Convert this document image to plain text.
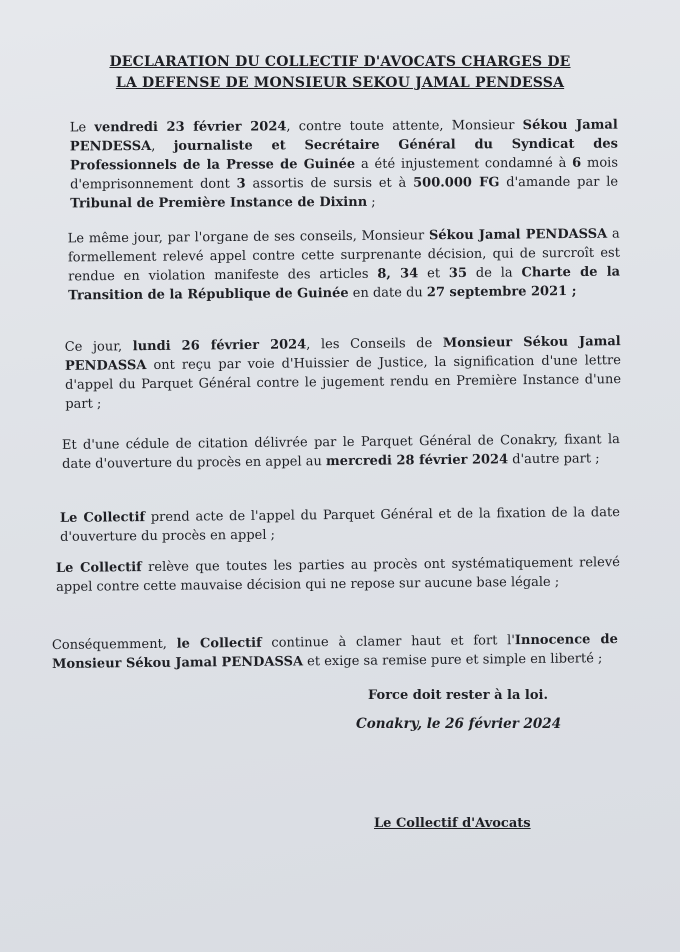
DECLARATION DU COLLECTIF D'AVOCATS CHARGES DE
LA DEFENSE DE MONSIEUR SEKOU JAMAL PENDESSA

Le vendredi 23 février 2024, contre toute attente, Monsieur Sékou Jamal PENDESSA, journaliste et Secrétaire Général du Syndicat des Professionnels de la Presse de Guinée a été injustement condamné à 6 mois d'emprisonnement dont 3 assortis de sursis et à 500.000 FG d'amande par le Tribunal de Première Instance de Dixinn ;

Le même jour, par l'organe de ses conseils, Monsieur Sékou Jamal PENDASSA a formellement relevé appel contre cette surprenante décision, qui de surcroît est rendue en violation manifeste des articles 8, 34 et 35 de la Charte de la Transition de la République de Guinée en date du 27 septembre 2021 ;

Ce jour, lundi 26 février 2024, les Conseils de Monsieur Sékou Jamal PENDASSA ont reçu par voie d'Huissier de Justice, la signification d'une lettre d'appel du Parquet Général contre le jugement rendu en Première Instance d'une part ;

Et d'une cédule de citation délivrée par le Parquet Général de Conakry, fixant la date d'ouverture du procès en appel au mercredi 28 février 2024 d'autre part ;

Le Collectif prend acte de l'appel du Parquet Général et de la fixation de la date d'ouverture du procès en appel ;

Le Collectif relève que toutes les parties au procès ont systématiquement relevé appel contre cette mauvaise décision qui ne repose sur aucune base légale ;

Conséquemment, le Collectif continue à clamer haut et fort l'Innocence de Monsieur Sékou Jamal PENDASSA et exige sa remise pure et simple en liberté ;

Force doit rester à la loi.
Conakry, le 26 février 2024
Le Collectif d'Avocats
